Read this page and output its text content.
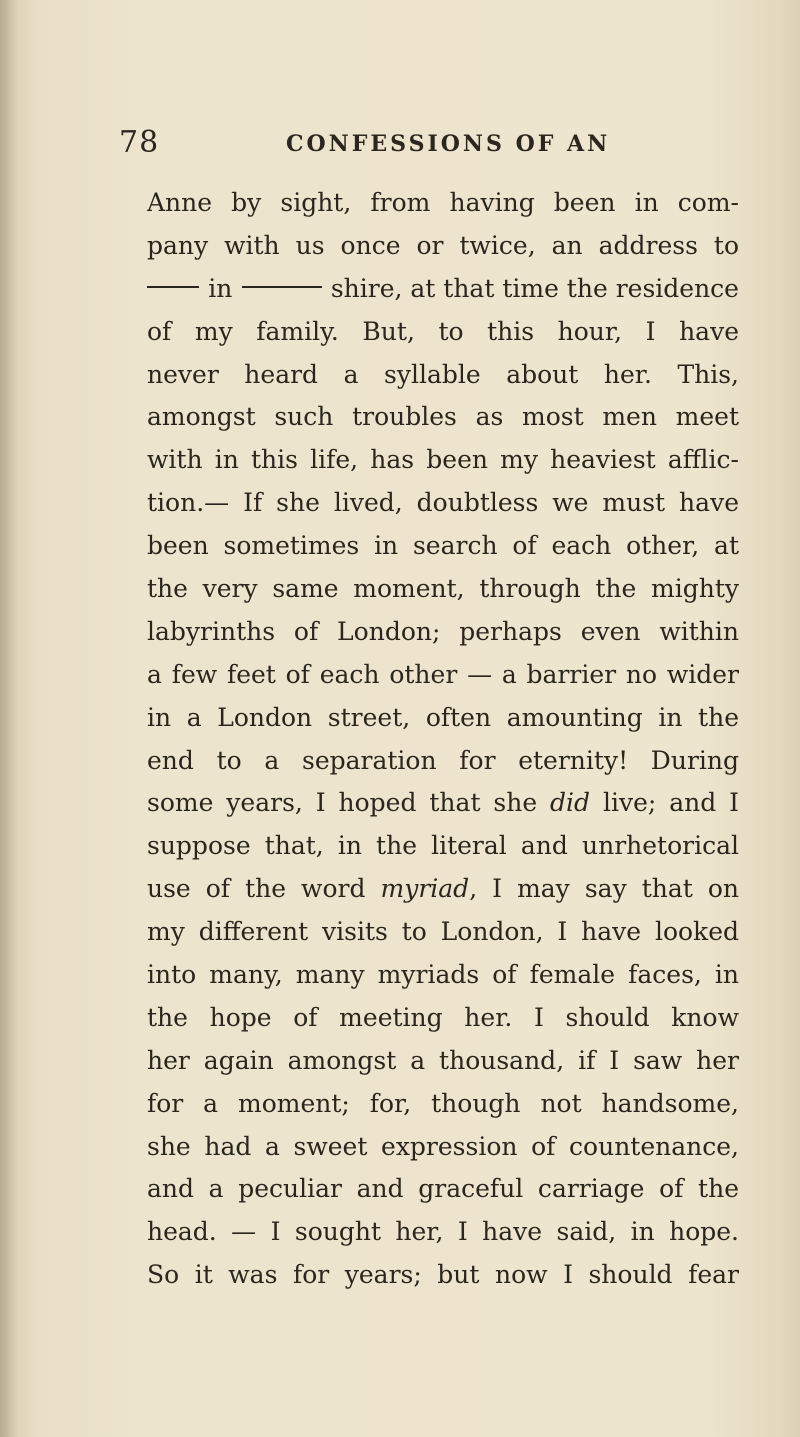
78	CONFESSIONS OF AN
Anne by sight, from having been in com-
pany with us once or twice, an address to
in	shire, at that time the residence
of my family. But, to this hour, I have
never heard a syllable about her. This,
amongst such troubles as most men meet
with in this life, has been my heaviest afflic-
tion.— If she lived, doubtless we must have
been sometimes in search of each other, at
the very same moment, through the mighty
labyrinths of London; perhaps even within
a few feet of each other — a barrier no wider
in a London street, often amounting in the
end to a separation for eternity! During
some years, I hoped that she did live; and I
suppose that, in the literal and unrhetorical
use of the word myriad, I may say that on
my different visits to London, I have looked
into many, many myriads of female faces, in
the hope of meeting her. I should know
her again amongst a thousand, if I saw her
for a moment; for, though not handsome,
she had a sweet expression of countenance,
and a peculiar and graceful carriage of the
head. — I sought her, I have said, in hope.
So it was for years; but now I should fear
